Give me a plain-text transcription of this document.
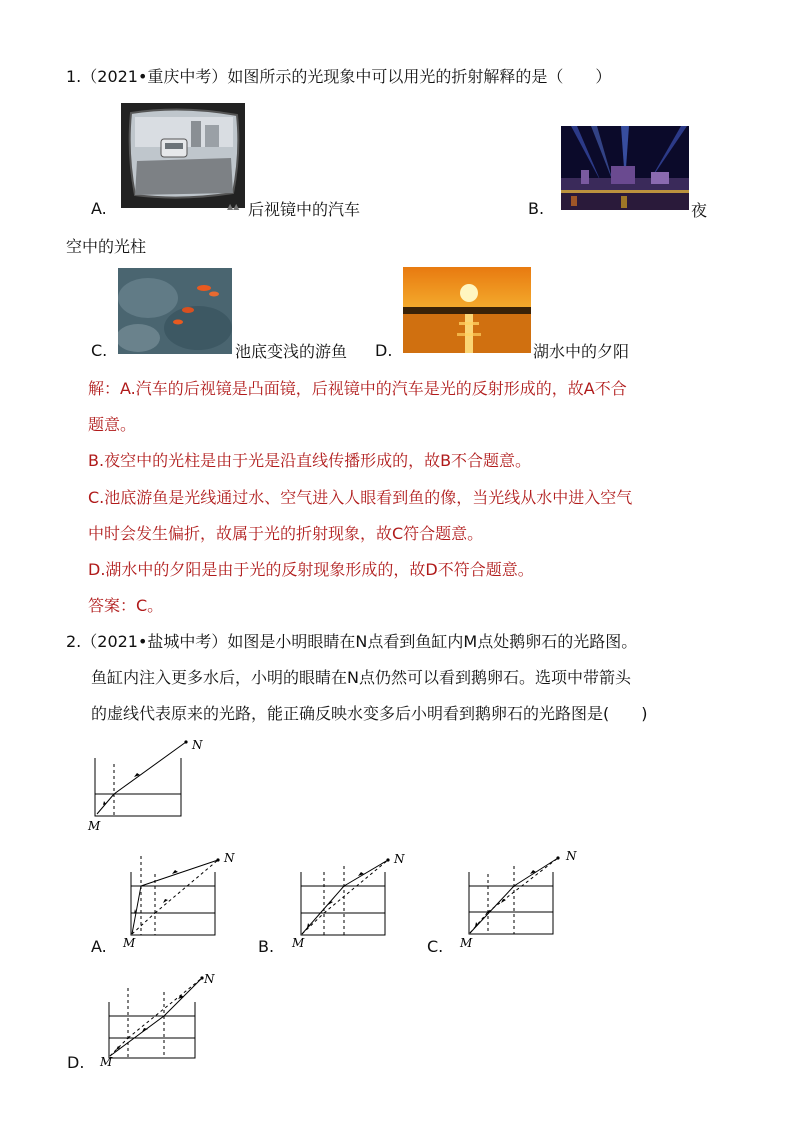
1.（2021•重庆中考）如图所示的光现象中可以用光的折射解释的是（　　）
▲▲
A.	后视镜中的汽车	B.	夜
空中的光柱
C.	池底变浅的游鱼 D.	湖水中的夕阳
解：A.汽车的后视镜是凸面镜，后视镜中的汽车是光的反射形成的，故A不合
题意。
B.夜空中的光柱是由于光是沿直线传播形成的，故B不合题意。
C.池底游鱼是光线通过水、空气进入人眼看到鱼的像，当光线从水中进入空气
中时会发生偏折，故属于光的折射现象，故C符合题意。
D.湖水中的夕阳是由于光的反射现象形成的，故D不符合题意。
答案：C。
2.（2021•盐城中考）如图是小明眼睛在N点看到鱼缸内M点处鹅卵石的光路图。
鱼缸内注入更多水后，小明的眼睛在N点仍然可以看到鹅卵石。选项中带箭头
的虚线代表原来的光路，能正确反映水变多后小明看到鹅卵石的光路图是(　　)
N
M
N
M
A.
N
M
B.
N
M
C.
N
M
D.
